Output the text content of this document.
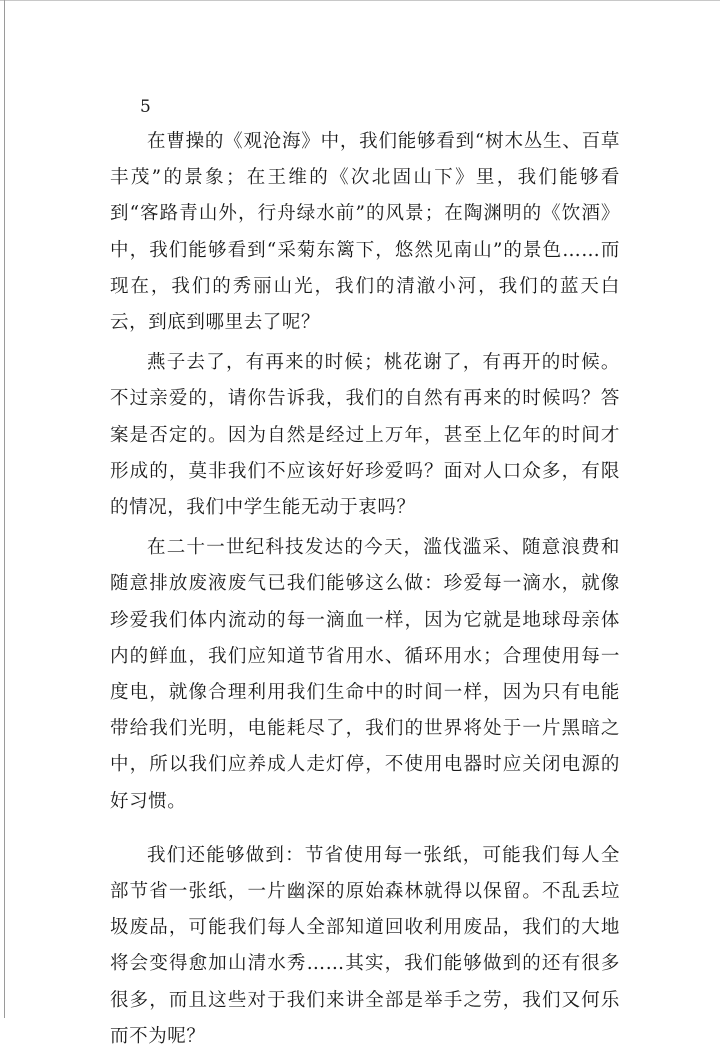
5

在曹操的《观沧海》中，我们能够看到“树木丛生、百草丰茂”的景象；在王维的《次北固山下》里，我们能够看到“客路青山外，行舟绿水前”的风景；在陶渊明的《饮酒》中，我们能够看到“采菊东篱下，悠然见南山”的景色……而现在，我们的秀丽山光，我们的清澈小河，我们的蓝天白云，到底到哪里去了呢？

燕子去了，有再来的时候；桃花谢了，有再开的时候。不过亲爱的，请你告诉我，我们的自然有再来的时候吗？答案是否定的。因为自然是经过上万年，甚至上亿年的时间才形成的，莫非我们不应该好好珍爱吗？面对人口众多，有限的情况，我们中学生能无动于衷吗？

在二十一世纪科技发达的今天，滥伐滥采、随意浪费和随意排放废液废气已我们能够这么做：珍爱每一滴水，就像珍爱我们体内流动的每一滴血一样，因为它就是地球母亲体内的鲜血，我们应知道节省用水、循环用水；合理使用每一度电，就像合理利用我们生命中的时间一样，因为只有电能带给我们光明，电能耗尽了，我们的世界将处于一片黑暗之中，所以我们应养成人走灯停，不使用电器时应关闭电源的好习惯。

我们还能够做到：节省使用每一张纸，可能我们每人全部节省一张纸，一片幽深的原始森林就得以保留。不乱丢垃圾废品，可能我们每人全部知道回收利用废品，我们的大地将会变得愈加山清水秀……其实，我们能够做到的还有很多很多，而且这些对于我们来讲全部是举手之劳，我们又何乐而不为呢？
